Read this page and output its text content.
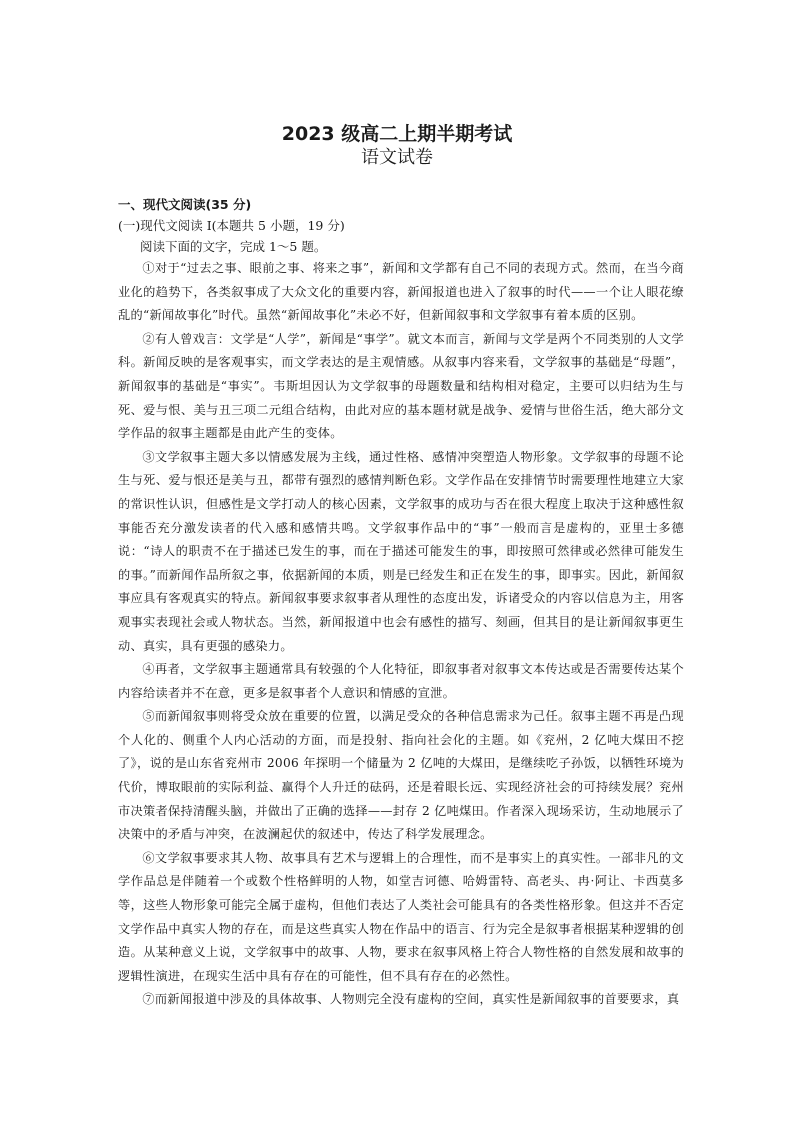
2023 级高二上期半期考试
语文试卷
一、现代文阅读(35 分)
(一)现代文阅读 I(本题共 5 小题，19 分)
阅读下面的文字，完成 1～5 题。

①对于“过去之事、眼前之事、将来之事”，新闻和文学都有自己不同的表现方式。然而，在当今商业化的趋势下，各类叙事成了大众文化的重要内容，新闻报道也进入了叙事的时代——一个让人眼花缭乱的“新闻故事化”时代。虽然“新闻故事化”未必不好，但新闻叙事和文学叙事有着本质的区别。

②有人曾戏言：文学是“人学”，新闻是“事学”。就文本而言，新闻与文学是两个不同类别的人文学科。新闻反映的是客观事实，而文学表达的是主观情感。从叙事内容来看，文学叙事的基础是“母题”，新闻叙事的基础是“事实”。韦斯坦因认为文学叙事的母题数量和结构相对稳定，主要可以归结为生与死、爱与恨、美与丑三项二元组合结构，由此对应的基本题材就是战争、爱情与世俗生活，绝大部分文学作品的叙事主题都是由此产生的变体。

③文学叙事主题大多以情感发展为主线，通过性格、感情冲突塑造人物形象。文学叙事的母题不论生与死、爱与恨还是美与丑，都带有强烈的感情判断色彩。文学作品在安排情节时需要理性地建立大家的常识性认识，但感性是文学打动人的核心因素，文学叙事的成功与否在很大程度上取决于这种感性叙事能否充分激发读者的代入感和感情共鸣。文学叙事作品中的“事”一般而言是虚构的，亚里士多德说：“诗人的职责不在于描述已发生的事，而在于描述可能发生的事，即按照可然律或必然律可能发生的事。”而新闻作品所叙之事，依据新闻的本质，则是已经发生和正在发生的事，即事实。因此，新闻叙事应具有客观真实的特点。新闻叙事要求叙事者从理性的态度出发，诉诸受众的内容以信息为主，用客观事实表现社会或人物状态。当然，新闻报道中也会有感性的描写、刻画，但其目的是让新闻叙事更生动、真实，具有更强的感染力。

④再者，文学叙事主题通常具有较强的个人化特征，即叙事者对叙事文本传达或是否需要传达某个内容给读者并不在意，更多是叙事者个人意识和情感的宣泄。

⑤而新闻叙事则将受众放在重要的位置，以满足受众的各种信息需求为己任。叙事主题不再是凸现个人化的、侧重个人内心活动的方面，而是投射、指向社会化的主题。如《兖州，2 亿吨大煤田不挖了》，说的是山东省兖州市 2006 年探明一个储量为 2 亿吨的大煤田，是继续吃子孙饭，以牺牲环境为代价，博取眼前的实际利益、赢得个人升迁的砝码，还是着眼长远、实现经济社会的可持续发展？兖州市决策者保持清醒头脑，并做出了正确的选择——封存 2 亿吨煤田。作者深入现场采访，生动地展示了决策中的矛盾与冲突，在波澜起伏的叙述中，传达了科学发展理念。

⑥文学叙事要求其人物、故事具有艺术与逻辑上的合理性，而不是事实上的真实性。一部非凡的文学作品总是伴随着一个或数个性格鲜明的人物，如堂吉诃德、哈姆雷特、高老头、冉·阿让、卡西莫多等，这些人物形象可能完全属于虚构，但他们表达了人类社会可能具有的各类性格形象。但这并不否定文学作品中真实人物的存在，而是这些真实人物在作品中的语言、行为完全是叙事者根据某种逻辑的创造。从某种意义上说，文学叙事中的故事、人物，要求在叙事风格上符合人物性格的自然发展和故事的逻辑性演进，在现实生活中具有存在的可能性，但不具有存在的必然性。

⑦而新闻报道中涉及的具体故事、人物则完全没有虚构的空间，真实性是新闻叙事的首要要求，真
